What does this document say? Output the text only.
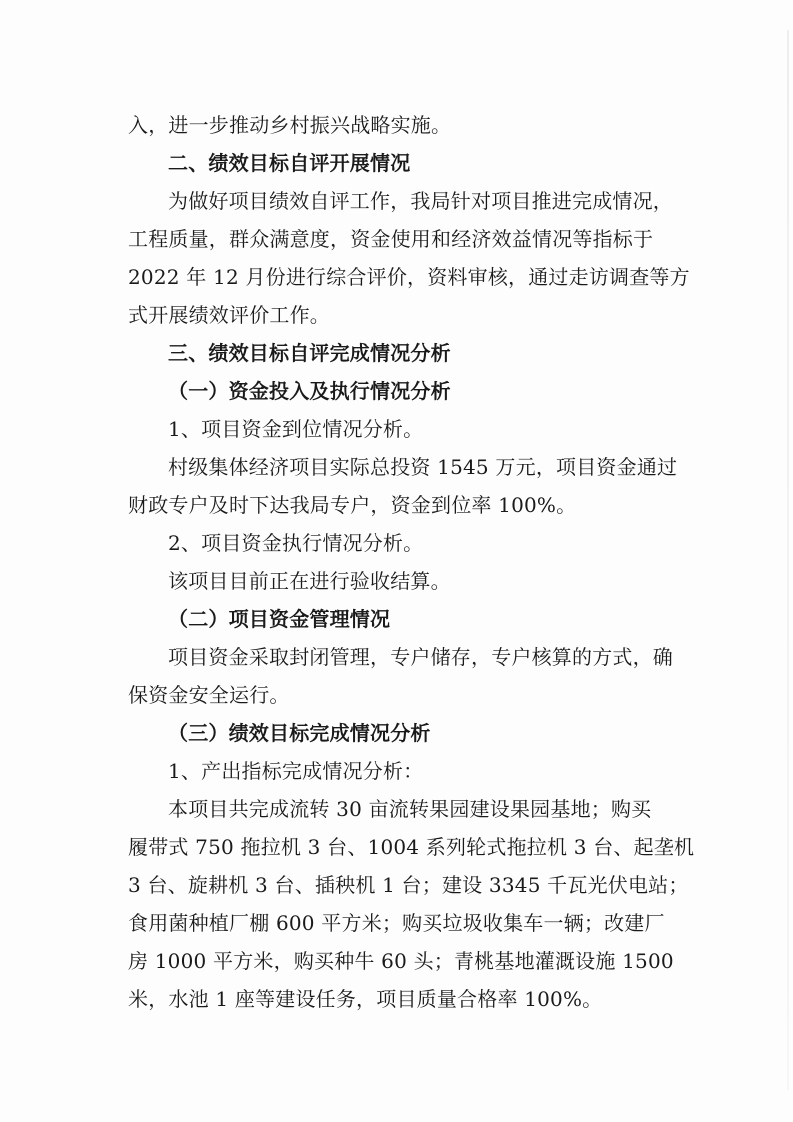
入，进一步推动乡村振兴战略实施。
二、绩效目标自评开展情况
为做好项目绩效自评工作，我局针对项目推进完成情况，
工程质量，群众满意度，资金使用和经济效益情况等指标于
2022 年 12 月份进行综合评价，资料审核，通过走访调查等方
式开展绩效评价工作。
三、绩效目标自评完成情况分析
（一）资金投入及执行情况分析
1、项目资金到位情况分析。
村级集体经济项目实际总投资 1545 万元，项目资金通过
财政专户及时下达我局专户，资金到位率 100%。
2、项目资金执行情况分析。
该项目目前正在进行验收结算。
（二）项目资金管理情况
项目资金采取封闭管理，专户储存，专户核算的方式，确
保资金安全运行。
（三）绩效目标完成情况分析
1、产出指标完成情况分析：
本项目共完成流转 30 亩流转果园建设果园基地；购买
履带式 750 拖拉机 3 台、1004 系列轮式拖拉机 3 台、起垄机
3 台、旋耕机 3 台、插秧机 1 台；建设 3345 千瓦光伏电站；
食用菌种植厂棚 600 平方米；购买垃圾收集车一辆；改建厂
房 1000 平方米，购买种牛 60 头；青桃基地灌溉设施 1500
米，水池 1 座等建设任务，项目质量合格率 100%。
